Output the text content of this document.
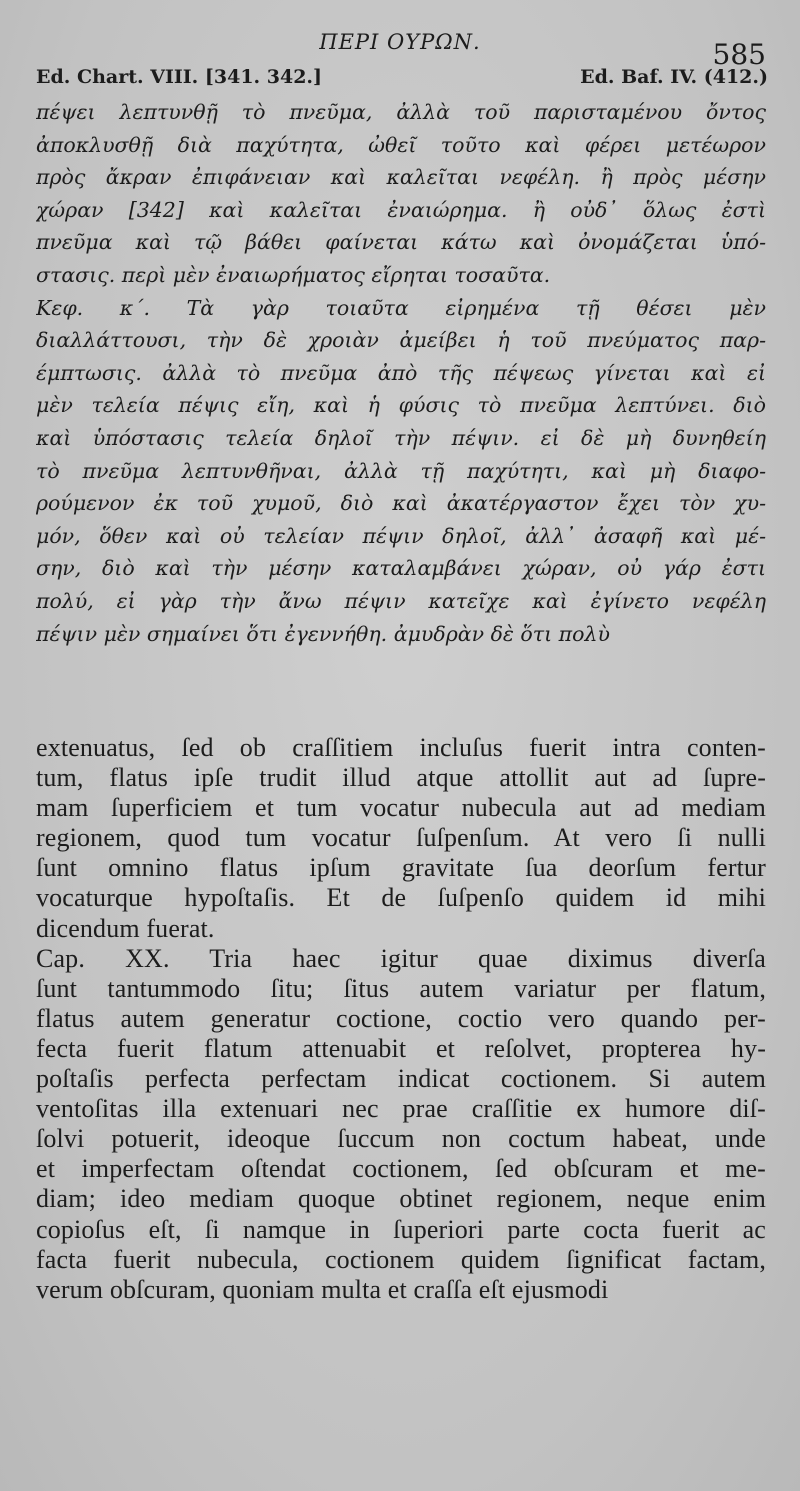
ΠΕΡΙ ΟΥΡΩΝ.	585
Ed. Chart. VIII. [341. 342.]	Ed. Baf. IV. (412.)
πέψει λεπτυνθῇ τὸ πνεῦμα, ἀλλὰ τοῦ παρισταμένου ὄντος
ἀποκλυσθῇ διὰ παχύτητα, ὠθεῖ τοῦτο καὶ φέρει μετέωρον
πρὸς ἄκραν ἐπιφάνειαν καὶ καλεῖται νεφέλη. ἢ πρὸς μέσην
χώραν [342] καὶ καλεῖται ἐναιώρημα. ἢ οὐδ᾽ ὅλως ἐστὶ
πνεῦμα καὶ τῷ βάθει φαίνεται κάτω καὶ ὀνομάζεται ὑπό-
στασις. περὶ μὲν ἐναιωρήματος εἴρηται τοσαῦτα.
Κεφ. κ΄. Τὰ γὰρ τοιαῦτα εἰρημένα τῇ θέσει μὲν
διαλλάττουσι, τὴν δὲ χροιὰν ἀμείβει ἡ τοῦ πνεύματος παρ-
έμπτωσις. ἀλλὰ τὸ πνεῦμα ἀπὸ τῆς πέψεως γίνεται καὶ εἰ
μὲν τελεία πέψις εἴη, καὶ ἡ φύσις τὸ πνεῦμα λεπτύνει. διὸ
καὶ ὑπόστασις τελεία δηλοῖ τὴν πέψιν. εἰ δὲ μὴ δυνηθείη
τὸ πνεῦμα λεπτυνθῆναι, ἀλλὰ τῇ παχύτητι, καὶ μὴ διαφο-
ρούμενον ἐκ τοῦ χυμοῦ, διὸ καὶ ἀκατέργαστον ἔχει τὸν χυ-
μόν, ὅθεν καὶ οὐ τελείαν πέψιν δηλοῖ, ἀλλ᾽ ἀσαφῆ καὶ μέ-
σην, διὸ καὶ τὴν μέσην καταλαμβάνει χώραν, οὐ γάρ ἐστι
πολύ, εἰ γὰρ τὴν ἄνω πέψιν κατεῖχε καὶ ἐγίνετο νεφέλη
πέψιν μὲν σημαίνει ὅτι ἐγεννήθη. ἀμυδρὰν δὲ ὅτι πολὺ
extenuatus, ſed ob craſſitiem incluſus fuerit intra conten-
tum, flatus ipſe trudit illud atque attollit aut ad ſupre-
mam ſuperficiem et tum vocatur nubecula aut ad mediam
regionem, quod tum vocatur ſuſpenſum. At vero ſi nulli
ſunt omnino flatus ipſum gravitate ſua deorſum fertur
vocaturque hypoſtaſis. Et de ſuſpenſo quidem id mihi
dicendum fuerat.
Cap. XX. Tria haec igitur quae diximus diverſa
ſunt tantummodo ſitu; ſitus autem variatur per flatum,
flatus autem generatur coctione, coctio vero quando per-
fecta fuerit flatum attenuabit et reſolvet, propterea hy-
poſtaſis perfecta perfectam indicat coctionem. Si autem
ventoſitas illa extenuari nec prae craſſitie ex humore diſ-
ſolvi potuerit, ideoque ſuccum non coctum habeat, unde
et imperfectam oſtendat coctionem, ſed obſcuram et me-
diam; ideo mediam quoque obtinet regionem, neque enim
copioſus eſt, ſi namque in ſuperiori parte cocta fuerit ac
facta fuerit nubecula, coctionem quidem ſignificat factam,
verum obſcuram, quoniam multa et craſſa eſt ejusmodi
